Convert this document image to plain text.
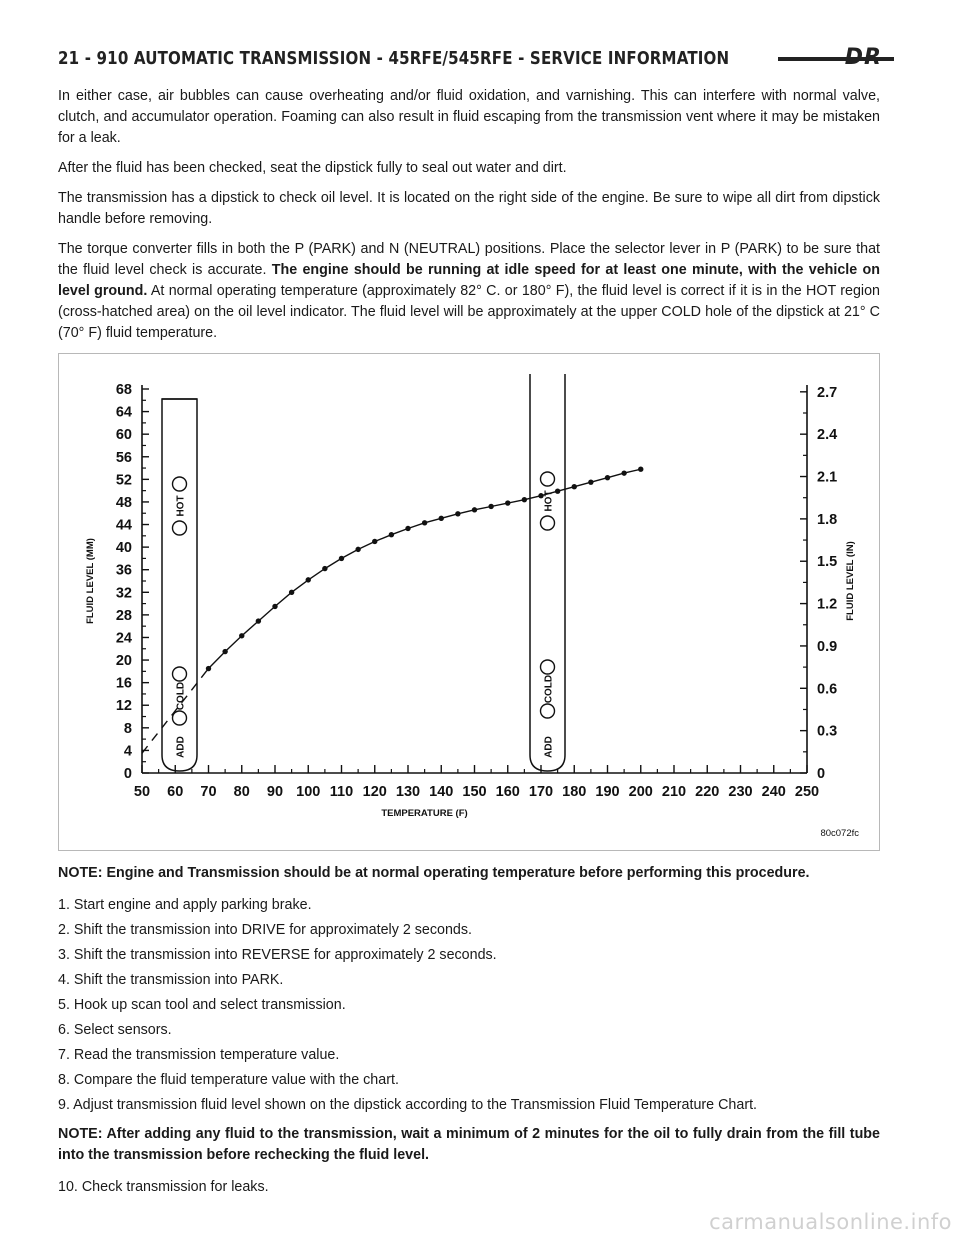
21 - 910 AUTOMATIC TRANSMISSION - 45RFE/545RFE - SERVICE INFORMATION	DR

In either case, air bubbles can cause overheating and/or fluid oxidation, and varnishing. This can interfere with normal valve, clutch, and accumulator operation. Foaming can also result in fluid escaping from the transmission vent where it may be mistaken for a leak.

After the fluid has been checked, seat the dipstick fully to seal out water and dirt.

The transmission has a dipstick to check oil level. It is located on the right side of the engine. Be sure to wipe all dirt from dipstick handle before removing.

The torque converter fills in both the P (PARK) and N (NEUTRAL) positions. Place the selector lever in P (PARK) to be sure that the fluid level check is accurate. The engine should be running at idle speed for at least one minute, with the vehicle on level ground. At normal operating temperature (approximately 82° C. or 180° F), the fluid level is correct if it is in the HOT region (cross-hatched area) on the oil level indicator. The fluid level will be approximately at the upper COLD hole of the dipstick at 21° C (70° F) fluid temperature.

0
4
8
12
16
20
24
28
32
36
40
44
48
52
56
60
64
68
0
0.3
0.6
0.9
1.2
1.5
1.8
2.1
2.4
2.7
50 60 70 80 90 100 110 120 130 140 150 160 170 180 190 200 210 220 230 240 250
TEMPERATURE (F)
FLUID LEVEL (MM)	FLUID LEVEL (IN)
HOT
COLD
ADD
HOT
COLD
ADD
80c072fc

NOTE: Engine and Transmission should be at normal operating temperature before performing this procedure.

1. Start engine and apply parking brake.

2. Shift the transmission into DRIVE for approximately 2 seconds.

3. Shift the transmission into REVERSE for approximately 2 seconds.

4. Shift the transmission into PARK.

5. Hook up scan tool and select transmission.

6. Select sensors.

7. Read the transmission temperature value.

8. Compare the fluid temperature value with the chart.

9. Adjust transmission fluid level shown on the dipstick according to the Transmission Fluid Temperature Chart.

NOTE: After adding any fluid to the transmission, wait a minimum of 2 minutes for the oil to fully drain from the fill tube into the transmission before rechecking the fluid level.

10. Check transmission for leaks.

carmanualsonline.info
